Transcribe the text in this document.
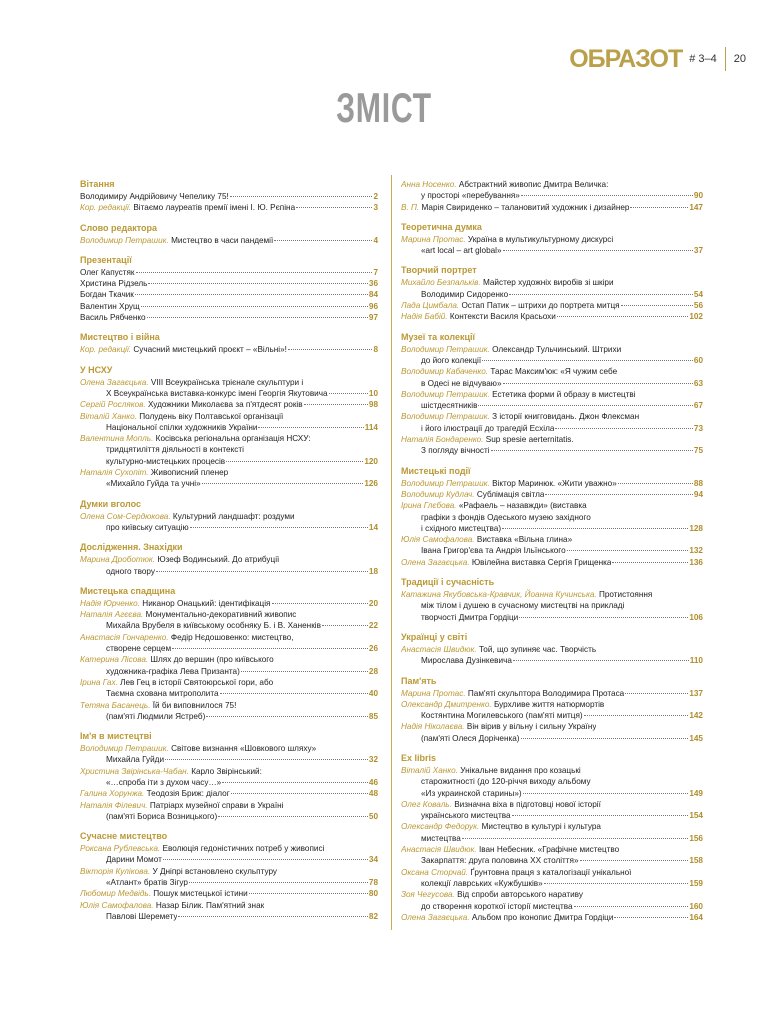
ОБРАЗОТ # 3–4 20
ЗМІСТ
Вітання
Володимиру Андрійовичу Чепелику 75!	2
Кор. редакції. Вітаємо лауреатів премії імені І. Ю. Рєпіна	3
Слово редактора
Володимир Петрашик. Мистецтво в часи пандемії	4
Презентації
Олег Капустяк	7
Христина Рідзель	36
Богдан Ткачик	84
Валентин Хрущ	96
Василь Рябченко	97
Мистецтво і війна
Кор. редакції. Сучасний мистецький проєкт – «Вільні»!	8
У НСХУ
Олена Загаєцька. VIII Всеукраїнська трієнале скульптури і
Х Всеукраїнська виставка-конкурс імені Георгія Якутовича	10
Сергій Росляков. Художники Миколаєва за п'ятдесят років	98
Віталій Ханко. Полудень віку Полтавської організації
Національної спілки художників України	114
Валентина Мопль. Косівська регіональна організація НСХУ:
тридцятиліття діяльності в контексті
культурно-мистецьких процесів	120
Наталія Сухопіт. Живописний пленер
«Михайло Гуйда та учні»	126
Думки вголос
Олена Сом-Сердюкова. Культурний ландшафт: роздуми
про київську ситуацію	14
Дослідження. Знахідки
Марина Дроботюк. Юзеф Водинський. До атрибуції
одного твору	18
Мистецька спадщина
Надія Юрченко. Никанор Онацький: ідентифікація	20
Наталія Агєєва. Монументально-декоративний живопис
Михайла Врубеля в київському особняку Б. і В. Ханенків	22
Анастасія Гончаренко. Федір Нєдошовенко: мистецтво,
створене серцем	26
Катерина Лісова. Шлях до вершин (про київського
художника-графіка Лева Призанта)	28
Ірина Гах. Лев Гец в історії Святоюрської гори, або
Таємна схована митрополита	40
Тетяна Басанець. Їй би виповнилося 75!
(пам'яті Людмили Ястреб)	85
Ім'я в мистецтві
Володимир Петрашик. Світове визнання «Шовкового шляху»
Михайла Гуйди	32
Христина Звірінська-Чабан. Карло Звірінський:
«…спроба іти з духом часу…»	46
Галина Хорунжа. Теодозія Бриж: діалог	48
Наталія Філевич. Патріарх музейної справи в Україні
(пам'яті Бориса Возницького)	50
Сучасне мистецтво
Роксана Рублевська. Еволюція гедоністичних потреб у живописі
Дарини Момот	34
Вікторія Куліковa. У Дніпрі встановлено скульптуру
«Атлант» братів Зігур	78
Любомир Медвідь. Пошук мистецької істини	80
Юлія Самофалова. Назар Білик. Пам'ятний знак
Павлові Шеремету	82
Анна Носенко. Абстрактний живопис Дмитра Величка:
у просторі «перебування»	90
В. П. Марія Свириденко – талановитий художник і дизайнер	147
Теоретична думка
Марина Протас. Україна в мультикультурному дискурсі
«art local – art global»	37
Творчий портрет
Михайло Безпалькiв. Майстер художніх виробів зі шкіри
Володимир Сидоренко	54
Лада Цимбала. Остап Патик – штрихи до портрета митця	56
Надія Бабій. Контексти Василя Красьохи	102
Музеї та колекції
Володимир Петрашик. Олександр Тульчинський. Штрихи
до його колекції	60
Володимир Кабаченко. Тарас Максим'юк: «Я чужим себе
в Одесі не відчуваю»	63
Володимир Петрашик. Естетика форми й образу в мистецтві
шістдесятників	67
Володимир Петрашик. З історії книгговидань. Джон Флексман
і його ілюстрації до трагедій Есхіла	73
Наталія Бондаренко. Sup spesie aerternitatis.
З погляду вічності	75
Мистецькі події
Володимир Петрашик. Віктор Маринюк. «Жити уважно»	88
Володимир Кудлач. Сублімація світла	94
Ірина Глєбова. «Рафаель – назавжди» (виставка
графіки з фондів Одеського музею західного
і східного мистецтва)	128
Юлія Самофалова. Виставка «Вільна глина»
Івана Григор'єва та Андрія Ільїнського	132
Олена Загаєцька. Ювілейна виставка Сергія Грищенка	136
Традиції і сучасність
Катажина Якубовська-Кравчик, Йоанна Кучинська. Протистояння
між тілом і душею в сучасному мистецтві на прикладі
творчості Дмитра Гордіци	106
Українці у світі
Анастасія Швидюк. Той, що зупиняє час. Творчість
Мирослава Дузінкевича	110
Пам'ять
Марина Протас. Пам'яті скульптора Володимира Протаса	137
Олександр Дмитренко. Бурхливе життя натюрмортів
Костянтина Могилевського (пам'яті митця)	142
Надія Ніколаєва. Він вірив у вільну і сильну Україну
(пам'яті Олеся Доріченка)	145
Ex libris
Віталій Ханко. Унікальне видання про козацькі
старожитності (до 120-річчя виходу альбому
«Из украинской старины»)	149
Олег Коваль. Визначна віха в підготовці нової історії
українського мистецтва	154
Олександр Федорук. Мистецтво в культурі і культура
мистецтва	156
Анастасія Швидюк. Іван Небесник. «Графічне мистецтво
Закарпаття: друга половина ХХ століття»	158
Оксана Сторчай. Ґрунтовна праця з каталогізації унікальної
колекції лаврських «Кужбушків»	159
Зоя Чегусова. Від спроби авторського наративу
до створення короткої історії мистецтва	160
Олена Загаєцька. Альбом про іконопис Дмитра Гордіци	164
